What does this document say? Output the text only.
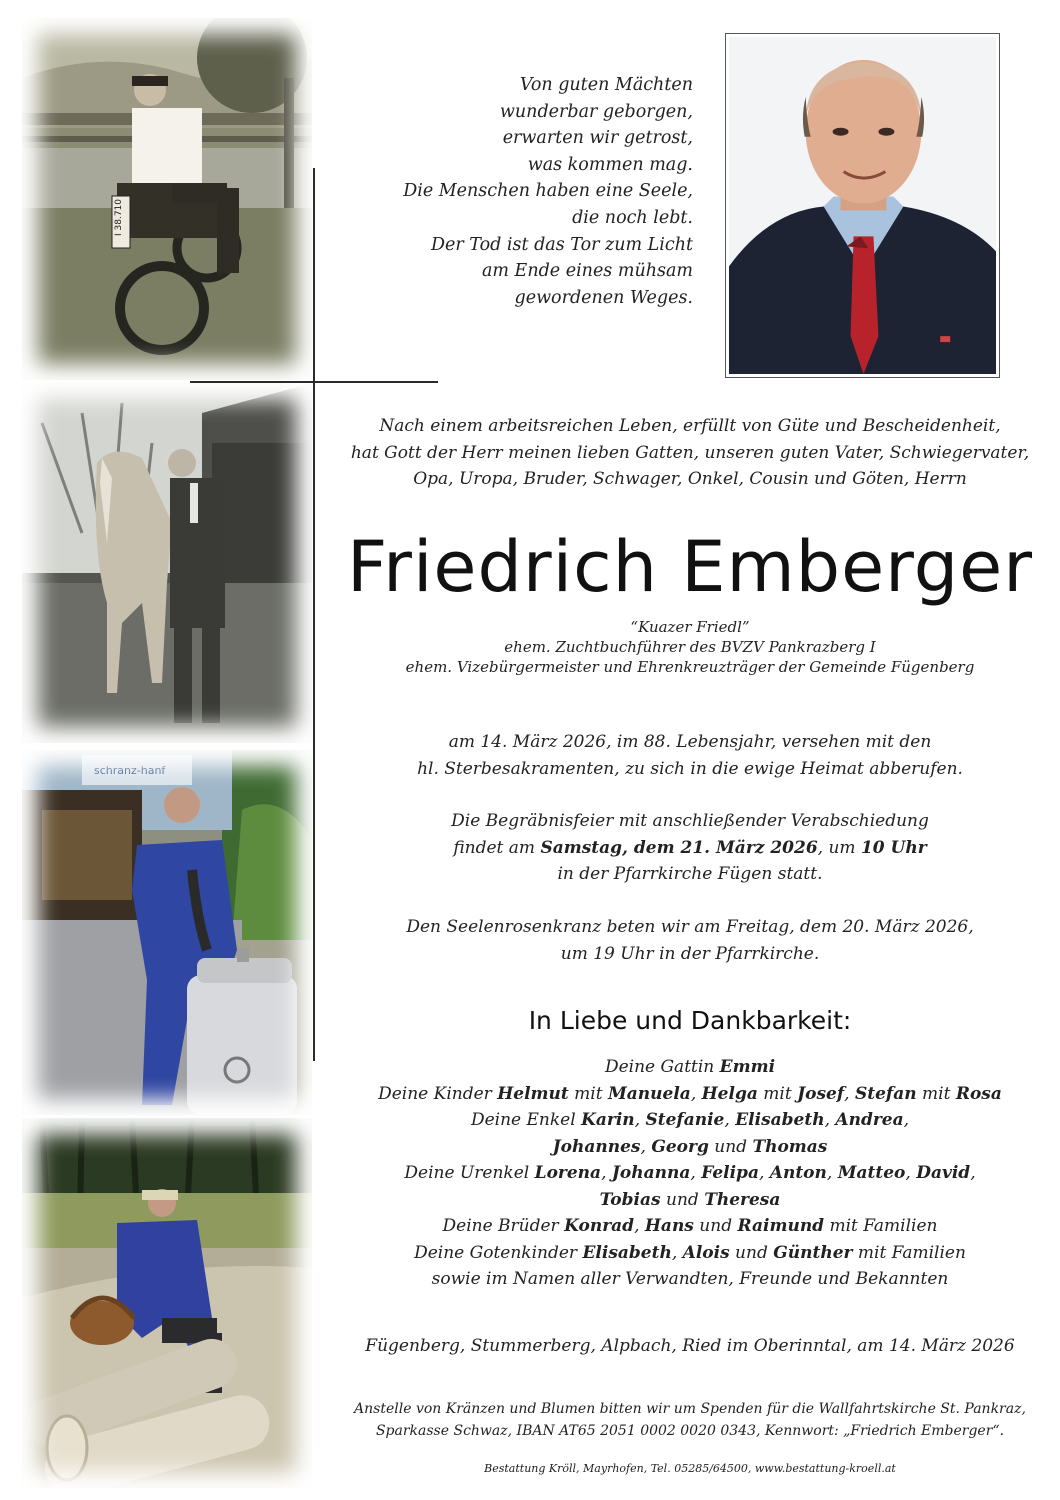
I 38.710
schranz-hanf
Von guten Mächten
wunderbar geborgen,
erwarten wir getrost,
was kommen mag.
Die Menschen haben eine Seele,
die noch lebt.
Der Tod ist das Tor zum Licht
am Ende eines mühsam
gewordenen Weges.
Nach einem arbeitsreichen Leben, erfüllt von Güte und Bescheidenheit,
hat Gott der Herr meinen lieben Gatten, unseren guten Vater, Schwiegervater,
Opa, Uropa, Bruder, Schwager, Onkel, Cousin und Göten, Herrn
Friedrich Emberger
“Kuazer Friedl”
ehem. Zuchtbuchführer des BVZV Pankrazberg I
ehem. Vizebürgermeister und Ehrenkreuzträger der Gemeinde Fügenberg
am 14. März 2026, im 88. Lebensjahr, versehen mit den
hl. Sterbesakramenten, zu sich in die ewige Heimat abberufen.
Die Begräbnisfeier mit anschließender Verabschiedung
findet am Samstag, dem 21. März 2026, um 10 Uhr
in der Pfarrkirche Fügen statt.
Den Seelenrosenkranz beten wir am Freitag, dem 20. März 2026,
um 19 Uhr in der Pfarrkirche.
In Liebe und Dankbarkeit:
Deine Gattin Emmi
Deine Kinder Helmut mit Manuela, Helga mit Josef, Stefan mit Rosa
Deine Enkel Karin, Stefanie, Elisabeth, Andrea,
Johannes, Georg und Thomas
Deine Urenkel Lorena, Johanna, Felipa, Anton, Matteo, David,
Tobias und Theresa
Deine Brüder Konrad, Hans und Raimund mit Familien
Deine Gotenkinder Elisabeth, Alois und Günther mit Familien
sowie im Namen aller Verwandten, Freunde und Bekannten
Fügenberg, Stummerberg, Alpbach, Ried im Oberinntal, am 14. März 2026
Anstelle von Kränzen und Blumen bitten wir um Spenden für die Wallfahrtskirche St. Pankraz,
Sparkasse Schwaz, IBAN AT65 2051 0002 0020 0343, Kennwort: „Friedrich Emberger“.
Bestattung Kröll, Mayrhofen, Tel. 05285/64500, www.bestattung-kroell.at
